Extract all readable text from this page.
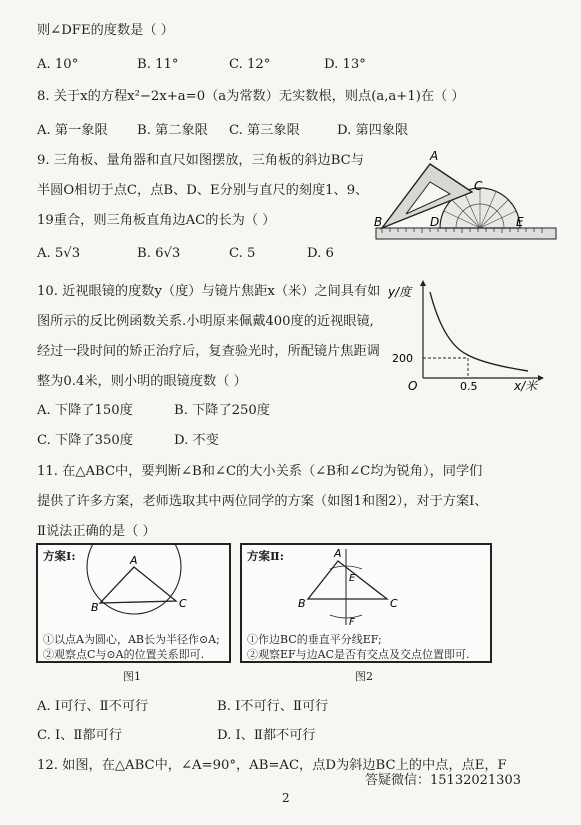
则∠DFE的度数是（ ）
A. 10°	B. 11°	C. 12°	D. 13°
8. 关于x的方程x²−2x+a=0（a为常数）无实数根，则点(a,a+1)在（ ）
A. 第一象限 B. 第二象限 C. 第三象限	D. 第四象限
9. 三角板、量角器和直尺如图摆放，三角板的斜边BC与
半圆O相切于点C，点B、D、E分别与直尺的刻度1、9、
19重合，则三角板直角边AC的长为（ ）
A. 5√3	B. 6√3	C. 5	D. 6
A
C
B	D	E
10. 近视眼镜的度数y（度）与镜片焦距x（米）之间具有如
图所示的反比例函数关系.小明原来佩戴400度的近视眼镜,
经过一段时间的矫正治疗后，复查验光时，所配镜片焦距调
整为0.4米，则小明的眼镜度数（ ）
A. 下降了150度	B. 下降了250度
C. 下降了350度	D. 不变
y/度
200
O	0.5	x/米
11. 在△ABC中，要判断∠B和∠C的大小关系（∠B和∠C均为锐角），同学们
提供了许多方案，老师选取其中两位同学的方案（如图1和图2），对于方案Ⅰ、
Ⅱ说法正确的是（ ）
方案Ⅰ:	A
B	C
①以点A为圆心，AB长为半径作⊙A;
②观察点C与⊙A的位置关系即可.
图1
方案Ⅱ:	A
E
B	C
F
①作边BC的垂直平分线EF;
②观察EF与边AC是否有交点及交点位置即可.
图2
A. Ⅰ可行、Ⅱ不可行	B. Ⅰ不可行、Ⅱ可行
C. Ⅰ、Ⅱ都可行	D. Ⅰ、Ⅱ都不可行
12. 如图，在△ABC中，∠A=90°，AB=AC，点D为斜边BC上的中点，点E，F
答疑微信：15132021303
2
